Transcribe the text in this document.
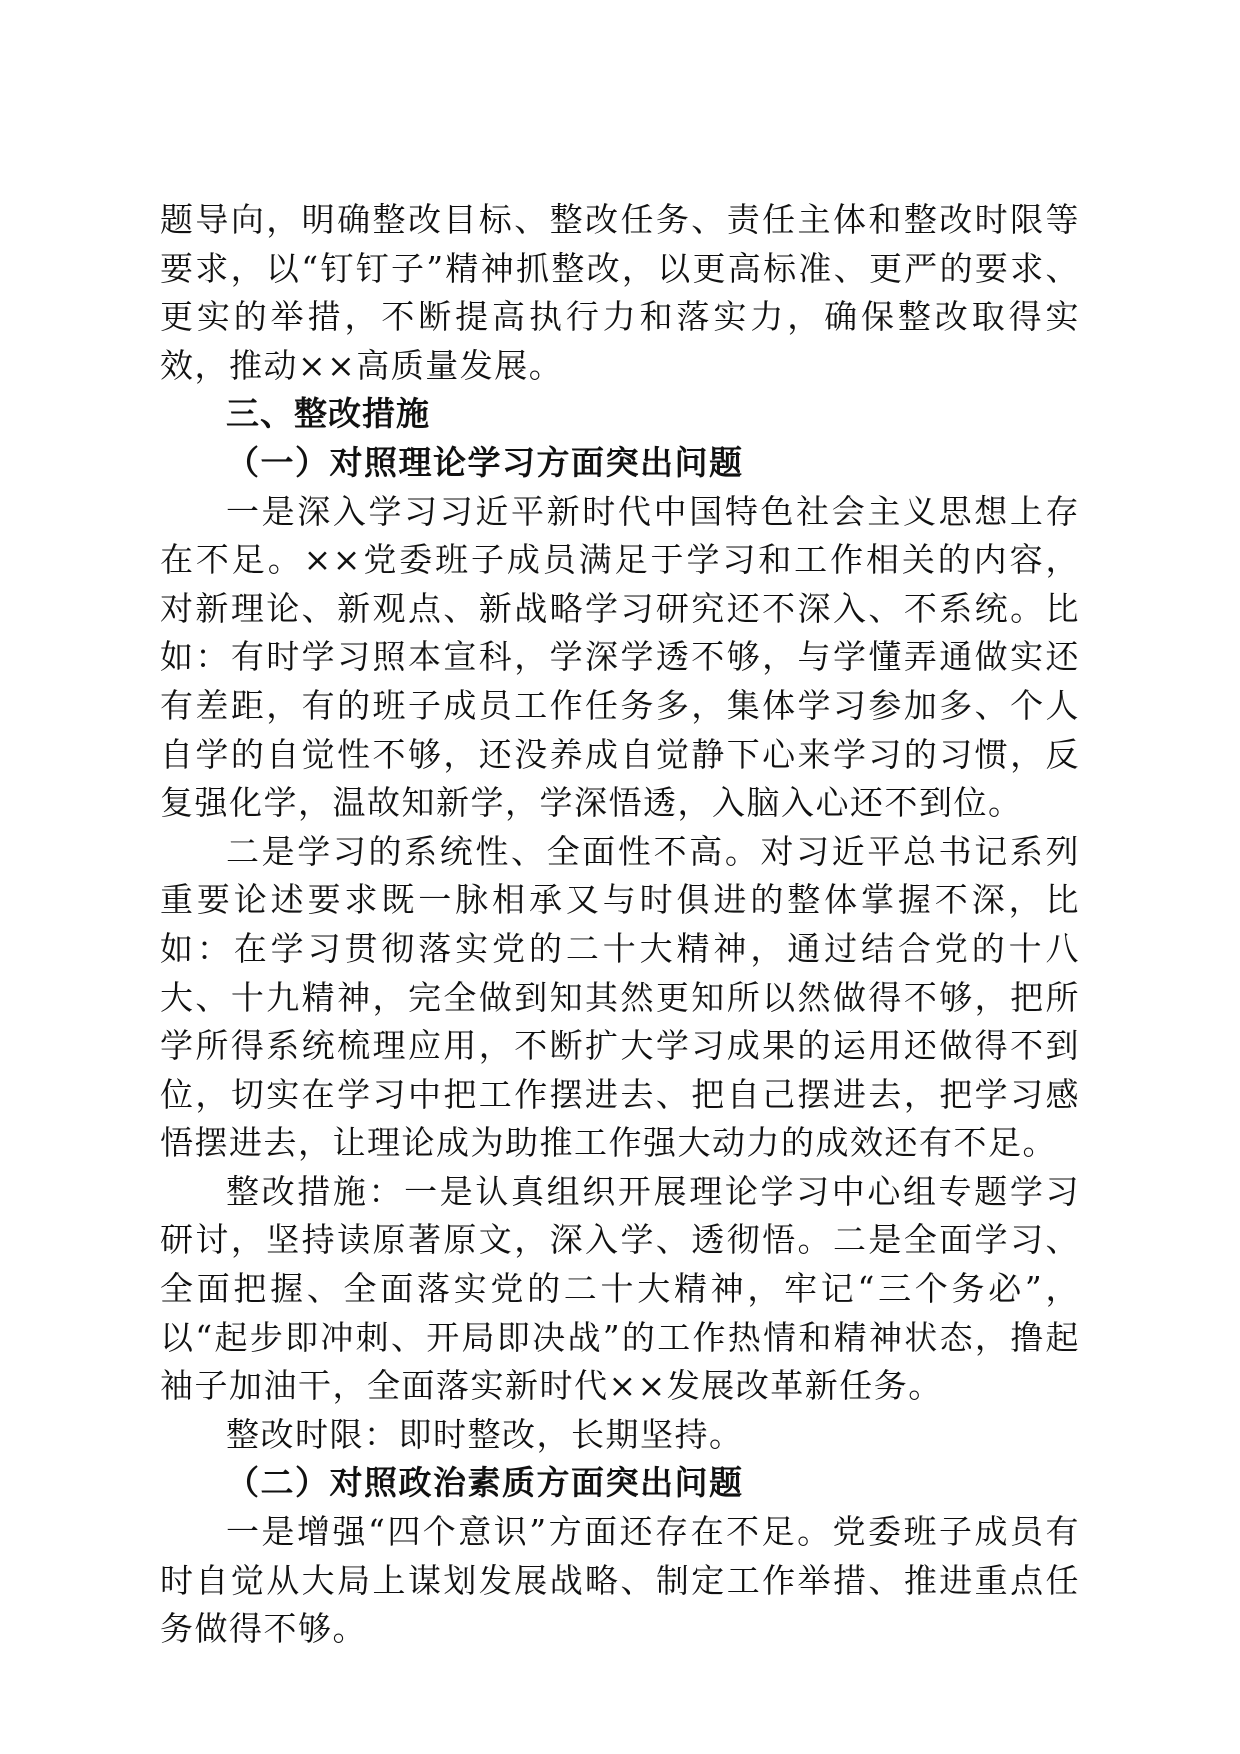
题导向，明确整改目标、整改任务、责任主体和整改时限等要求，以“钉钉子”精神抓整改，以更高标准、更严的要求、更实的举措，不断提高执行力和落实力，确保整改取得实效，推动××高质量发展。

三、整改措施

（一）对照理论学习方面突出问题

一是深入学习习近平新时代中国特色社会主义思想上存在不足。××党委班子成员满足于学习和工作相关的内容，对新理论、新观点、新战略学习研究还不深入、不系统。比如：有时学习照本宣科，学深学透不够，与学懂弄通做实还有差距，有的班子成员工作任务多，集体学习参加多、个人自学的自觉性不够，还没养成自觉静下心来学习的习惯，反复强化学，温故知新学，学深悟透，入脑入心还不到位。

二是学习的系统性、全面性不高。对习近平总书记系列重要论述要求既一脉相承又与时俱进的整体掌握不深，比如：在学习贯彻落实党的二十大精神，通过结合党的十八大、十九精神，完全做到知其然更知所以然做得不够，把所学所得系统梳理应用，不断扩大学习成果的运用还做得不到位，切实在学习中把工作摆进去、把自己摆进去，把学习感悟摆进去，让理论成为助推工作强大动力的成效还有不足。

整改措施：一是认真组织开展理论学习中心组专题学习研讨，坚持读原著原文，深入学、透彻悟。二是全面学习、全面把握、全面落实党的二十大精神，牢记“三个务必”，以“起步即冲刺、开局即决战”的工作热情和精神状态，撸起袖子加油干，全面落实新时代××发展改革新任务。

整改时限：即时整改，长期坚持。

（二）对照政治素质方面突出问题

一是增强“四个意识”方面还存在不足。党委班子成员有时自觉从大局上谋划发展战略、制定工作举措、推进重点任务做得不够。
